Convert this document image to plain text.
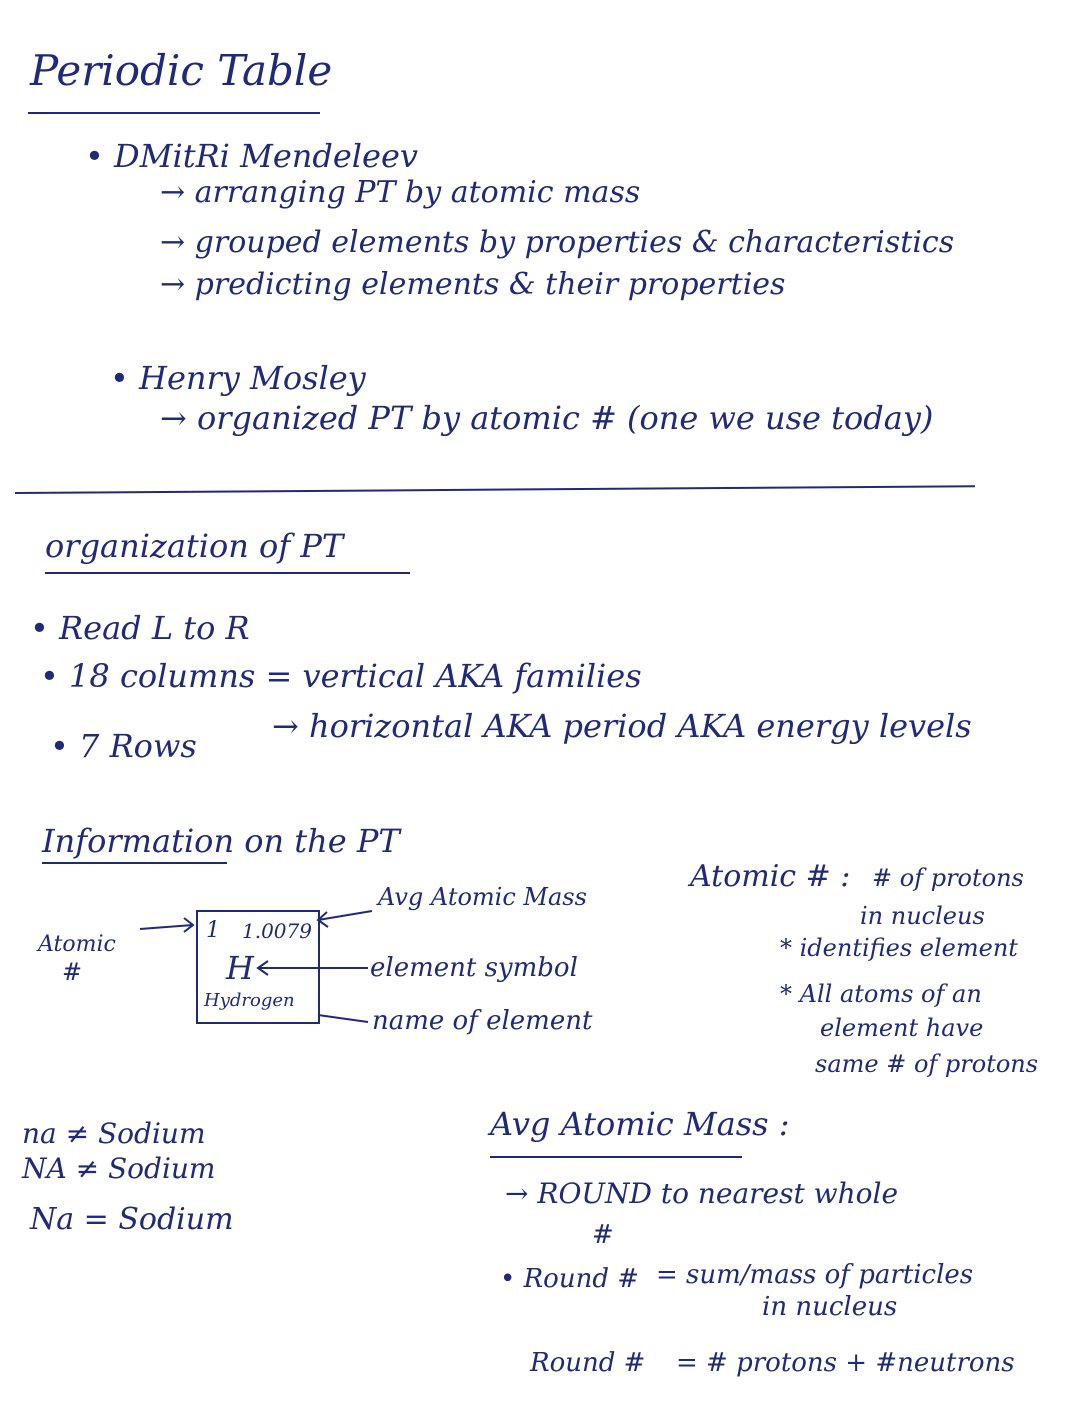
Periodic Table
• DMitRi Mendeleev
→ arranging PT by atomic mass
→ grouped elements by properties & characteristics
→ predicting elements & their properties
• Henry Mosley
→ organized PT by atomic # (one we use today)
organization of PT
• Read L to R
• 18 columns = vertical AKA families
• 7 Rows
→ horizontal AKA period AKA energy levels
Information on the PT
Atomic
#
1 1.0079
H
Hydrogen
Avg Atomic Mass
element symbol
name of element
Atomic # : # of protons
in nucleus
* identifies element
* All atoms of an
element have
same # of protons
na ≠ Sodium
NA ≠ Sodium
Na = Sodium
Avg Atomic Mass :
→ ROUND to nearest whole
#
• Round # = sum/mass of particles
in nucleus
Round # = # protons + #neutrons
